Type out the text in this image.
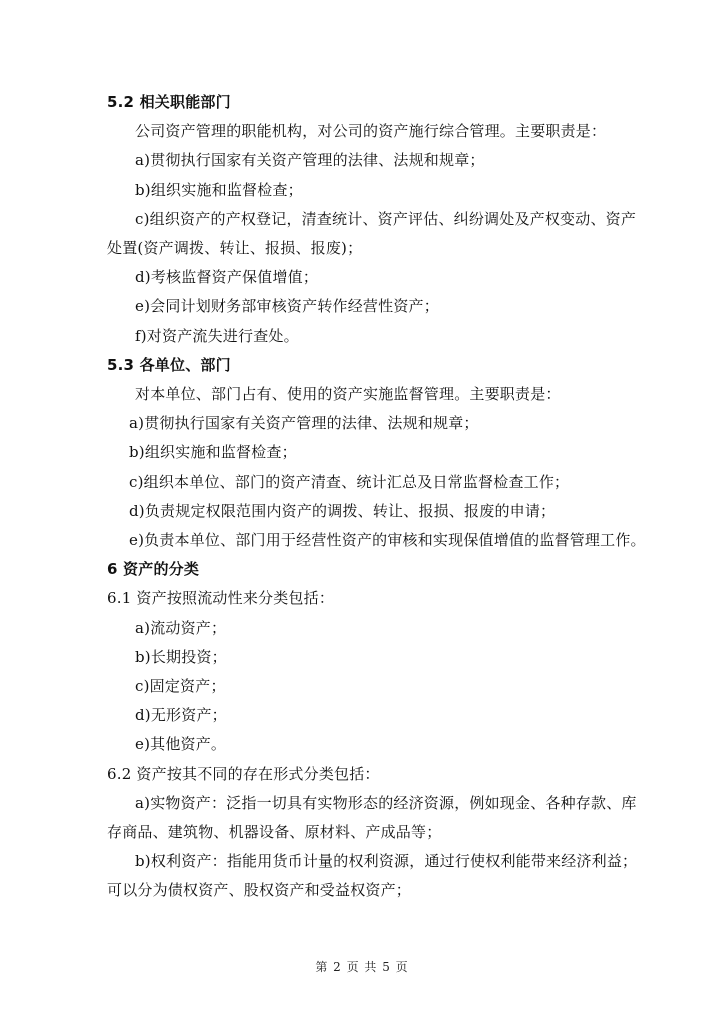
5.2 相关职能部门
公司资产管理的职能机构，对公司的资产施行综合管理。主要职责是：
a)贯彻执行国家有关资产管理的法律、法规和规章；
b)组织实施和监督检查；
c)组织资产的产权登记，清查统计、资产评估、纠纷调处及产权变动、资产
处置(资产调拨、转让、报损、报废)；
d)考核监督资产保值增值；
e)会同计划财务部审核资产转作经营性资产；
f)对资产流失进行查处。
5.3 各单位、部门
对本单位、部门占有、使用的资产实施监督管理。主要职责是：
a)贯彻执行国家有关资产管理的法律、法规和规章；
b)组织实施和监督检查；
c)组织本单位、部门的资产清查、统计汇总及日常监督检查工作；
d)负责规定权限范围内资产的调拨、转让、报损、报废的申请；
e)负责本单位、部门用于经营性资产的审核和实现保值增值的监督管理工作。
6 资产的分类
6.1 资产按照流动性来分类包括：
a)流动资产；
b)长期投资；
c)固定资产；
d)无形资产；
e)其他资产。
6.2 资产按其不同的存在形式分类包括：
a)实物资产：泛指一切具有实物形态的经济资源，例如现金、各种存款、库
存商品、建筑物、机器设备、原材料、产成品等；
b)权利资产：指能用货币计量的权利资源，通过行使权利能带来经济利益；
可以分为债权资产、股权资产和受益权资产；
第 2 页 共 5 页
